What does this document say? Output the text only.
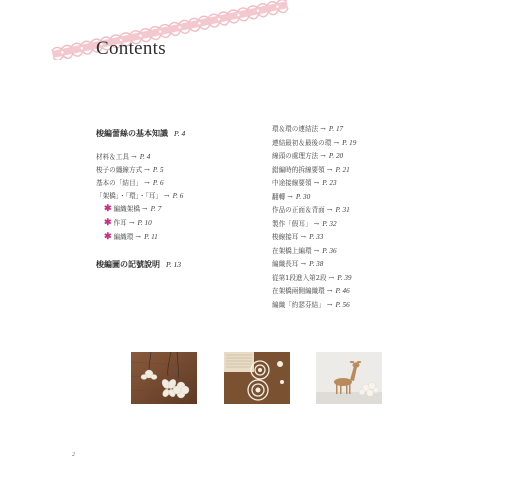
Contents
梭編蕾絲の基本知識 P. 4
材料＆工具 → P. 4
梭子の纏線方式 → P. 5
基本の「結目」 → P. 6
「架橋」・「環」・「耳」 → P. 6
✱ 編織架橋 → P. 7
✱ 作耳 → P. 10
✱ 編織環 → P. 11
梭編圖の記號說明 P. 13
環＆環の連結法 → P. 17
連結最初＆最後の環 → P. 19
線頭の處理方法 → P. 20
錯編時的拆線要領 → P. 21
中途接線要領 → P. 23
翻轉 → P. 30
作品の正面＆背面 → P. 31
製作「假耳」 → P. 32
梭線接耳 → P. 33
在架橋上編環 → P. 36
編織長耳 → P. 38
從第1段進入第2段 → P. 39
在架橋兩側編織環 → P. 46
編織「約瑟芬結」 → P. 56
2
